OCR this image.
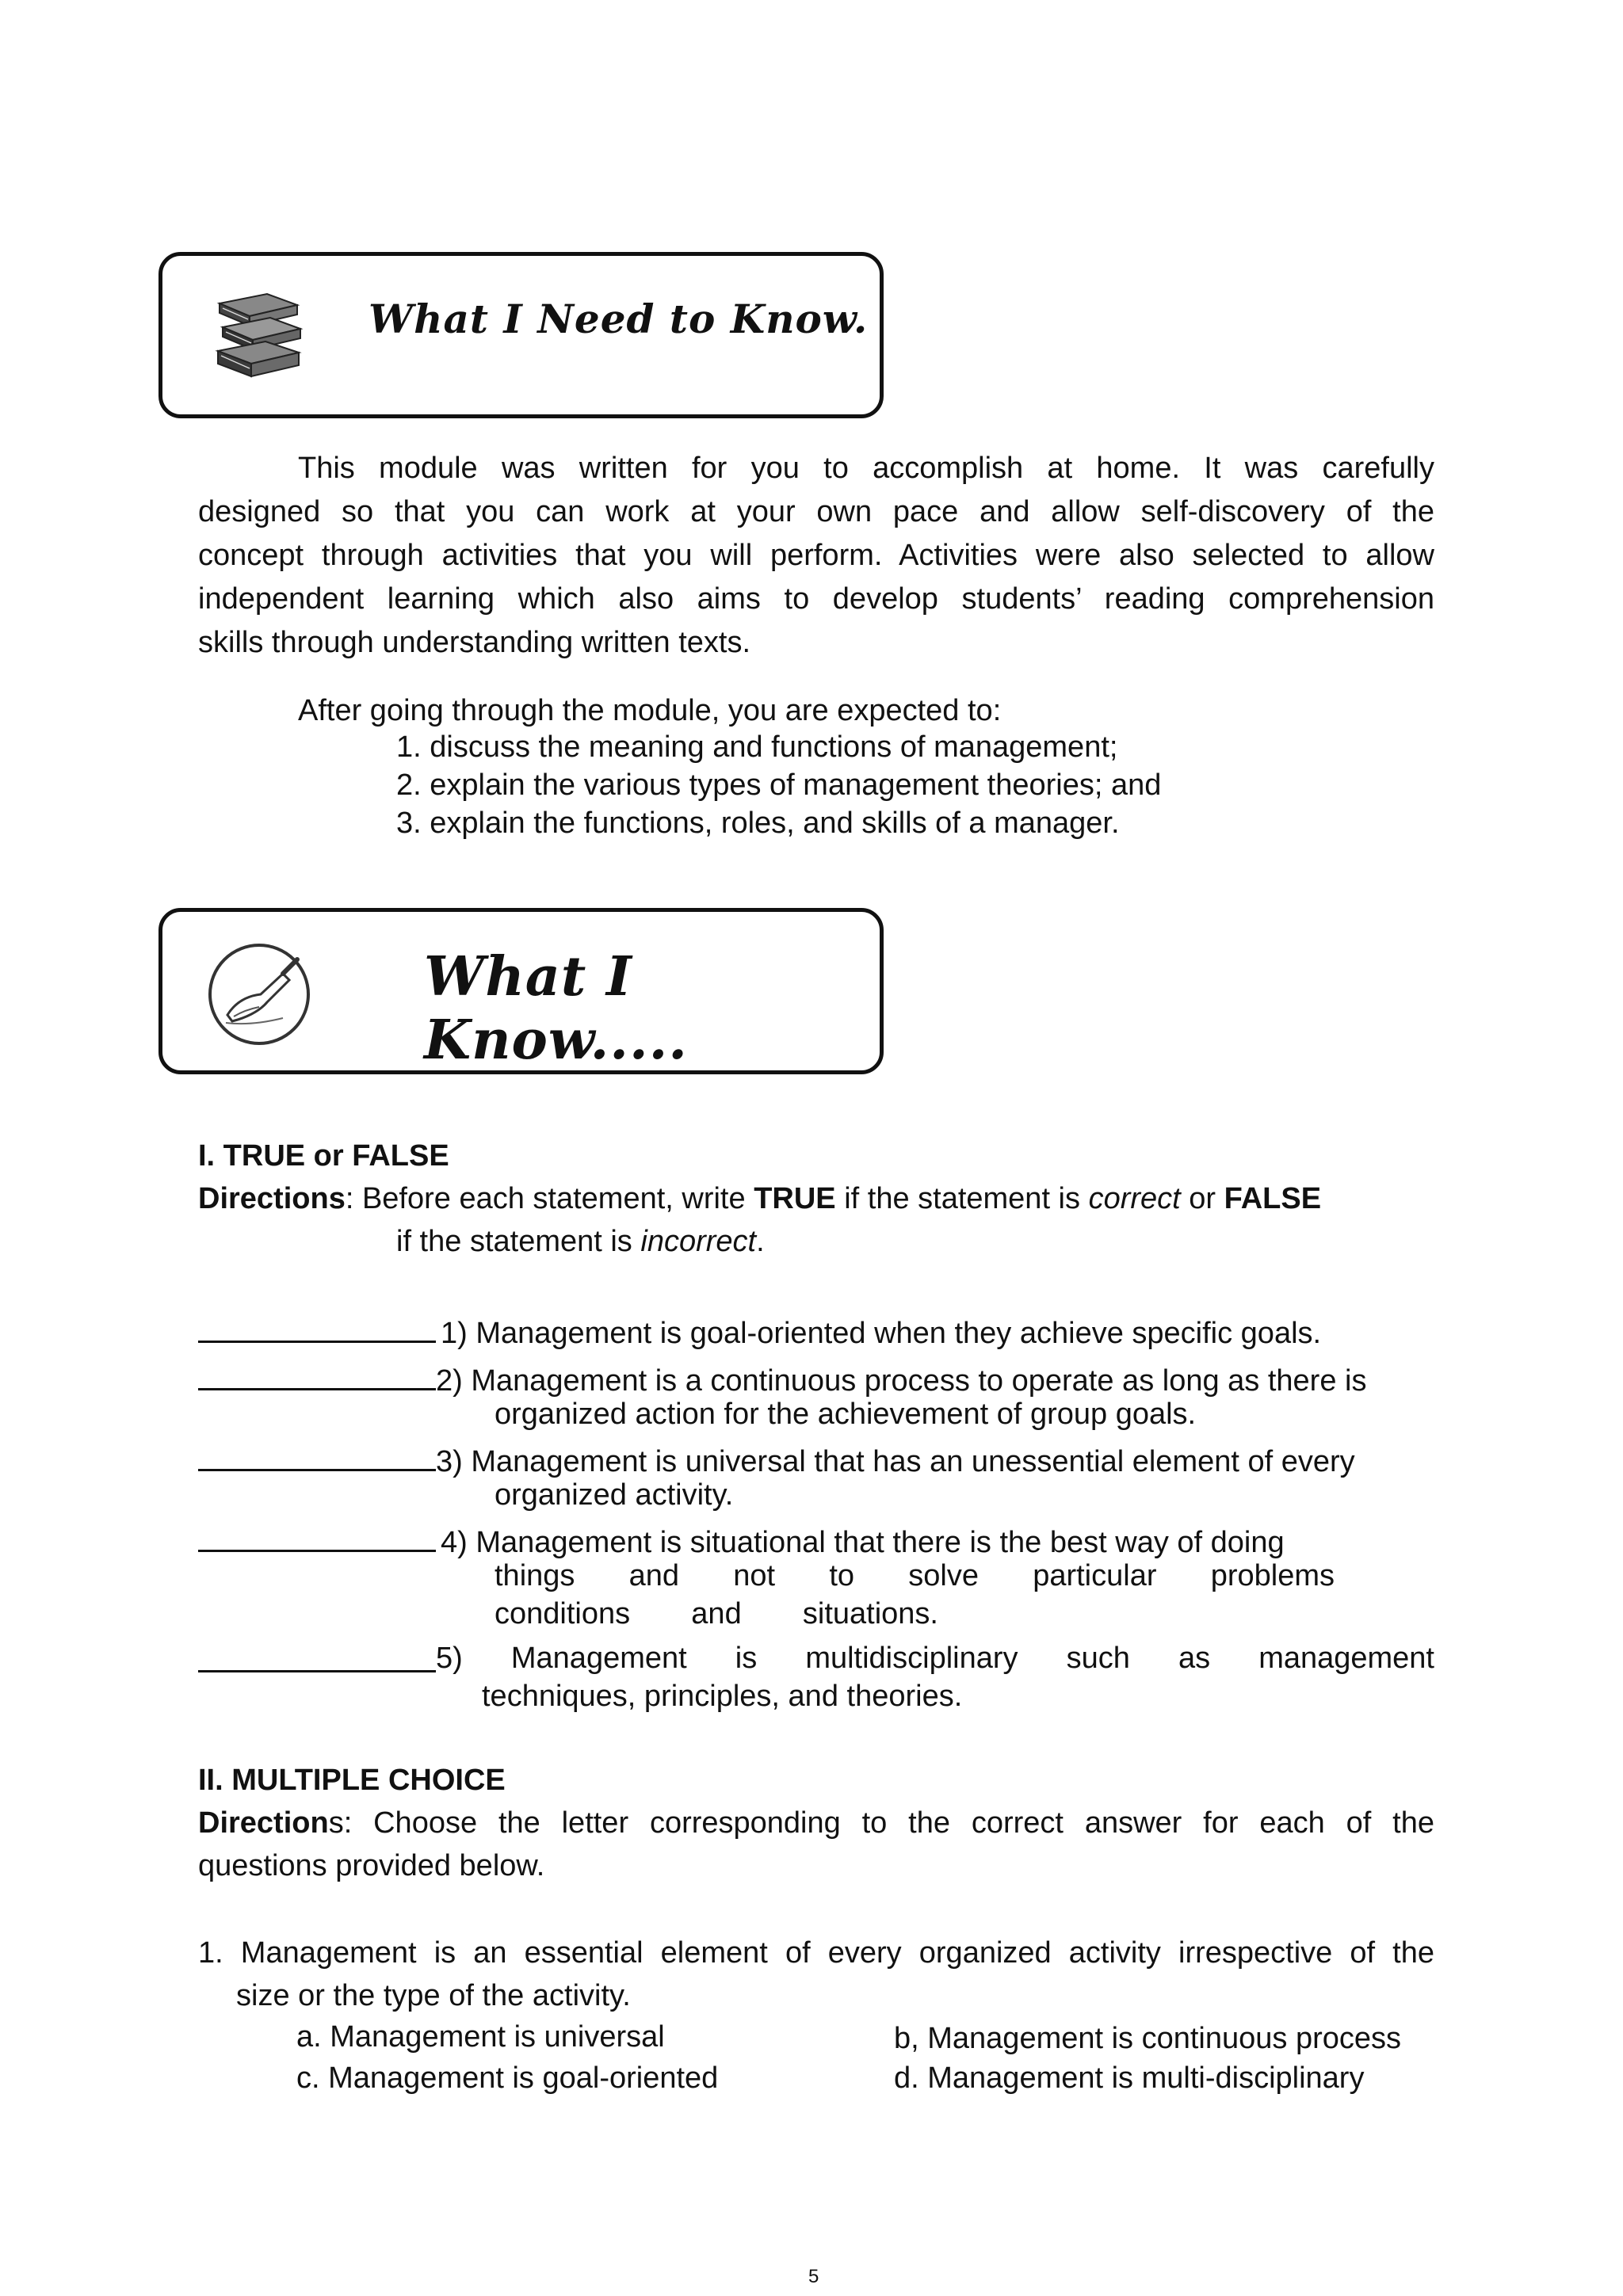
What I Need to Know.
This module was written for you to accomplish at home. It was carefully
designed so that you can work at your own pace and allow self-discovery of the
concept through activities that you will perform. Activities were also selected to allow
independent learning which also aims to develop students’ reading comprehension
skills through understanding written texts.
After going through the module, you are expected to:
1. discuss the meaning and functions of management;
2. explain the various types of management theories; and
3. explain the functions, roles, and skills of a manager.
What I Know.....
I. TRUE or FALSE
Directions: Before each statement, write TRUE if the statement is correct or FALSE
if the statement is incorrect.
1) Management is goal-oriented when they achieve specific goals.
2) Management is a continuous process to operate as long as there is
organized action for the achievement of group goals.
3) Management is universal that has an unessential element of every
organized activity.
4) Management is situational that there is the best way of doing
things and not to solve particular problems
conditions and situations.
5) Management is multidisciplinary such as management
techniques, principles, and theories.
II. MULTIPLE CHOICE
Direction s: Choose the letter corresponding to the correct answer for each of the
questions provided below.
1. Management is an essential element of every organized activity irrespective of the
size or the type of the activity.
a. Management is universal	b, Management is continuous process
c. Management is goal-oriented	d. Management is multi-disciplinary
5
